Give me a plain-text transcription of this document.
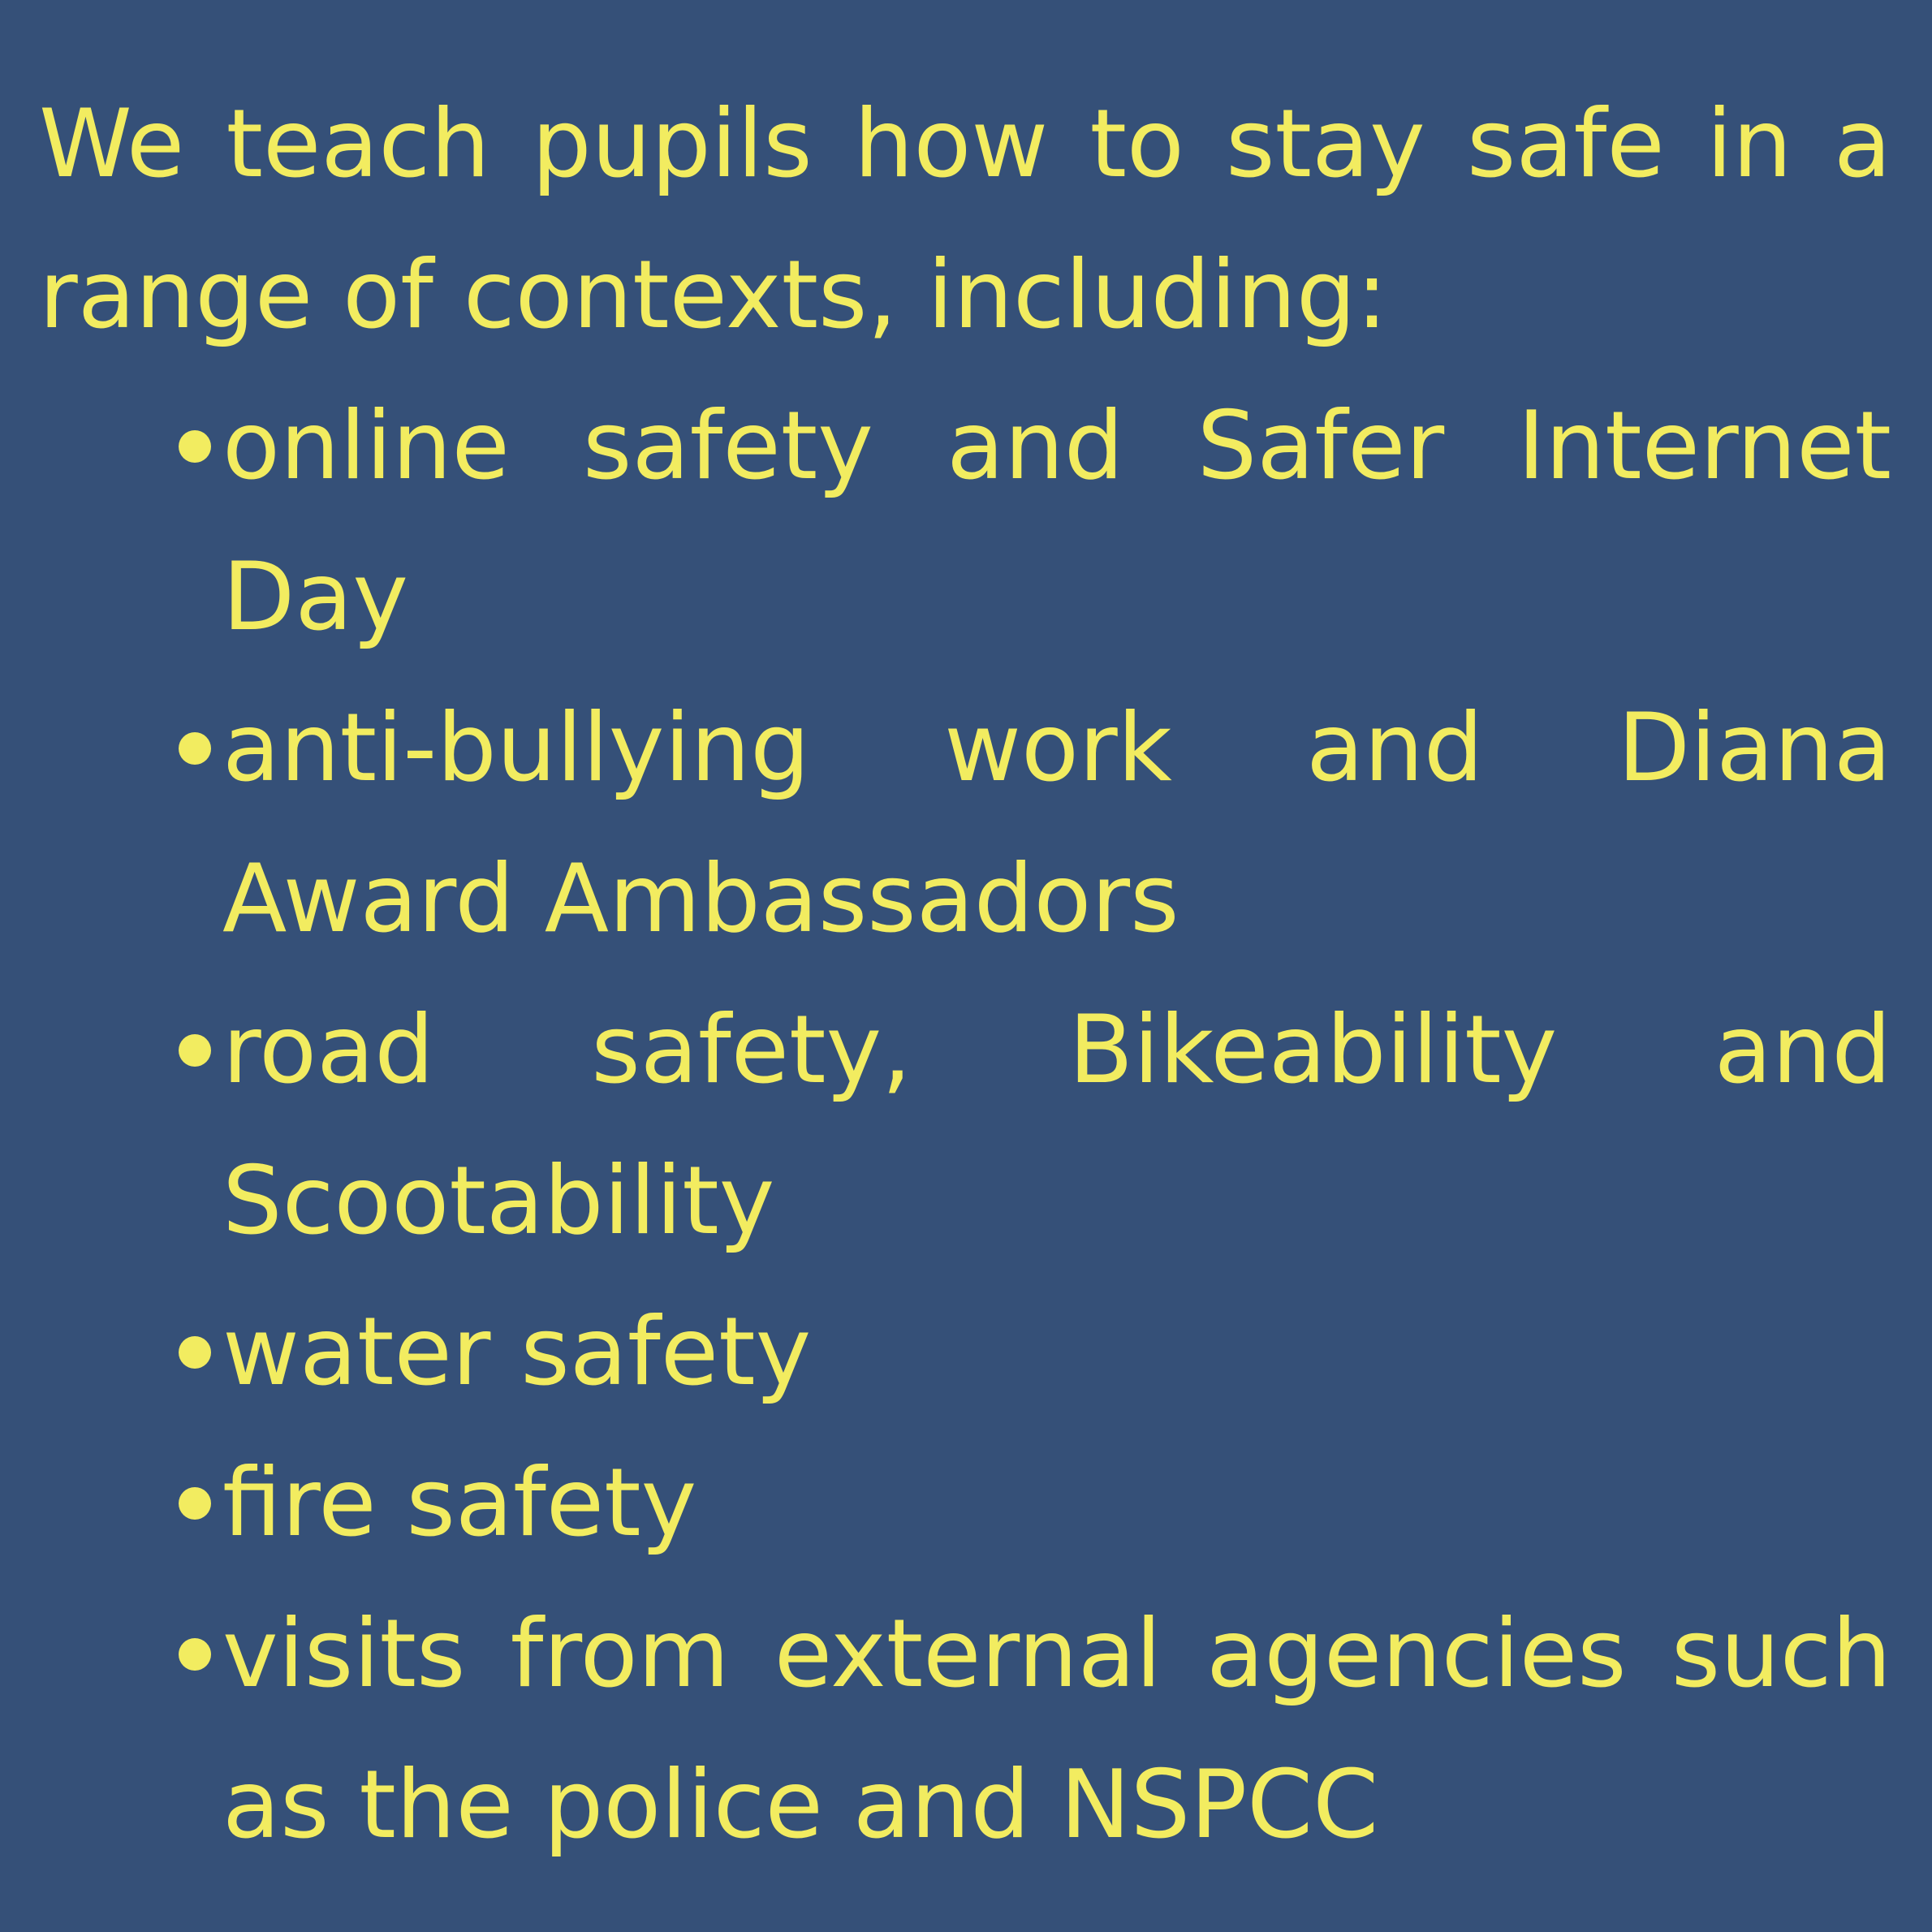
We teach pupils how to stay safe in a range of contexts, including:

online safety and Safer Internet Day
anti-bullying work and Diana Award Ambassadors
road safety, Bikeability and Scootability
water safety
fire safety
visits from external agencies such as the police and NSPCC
